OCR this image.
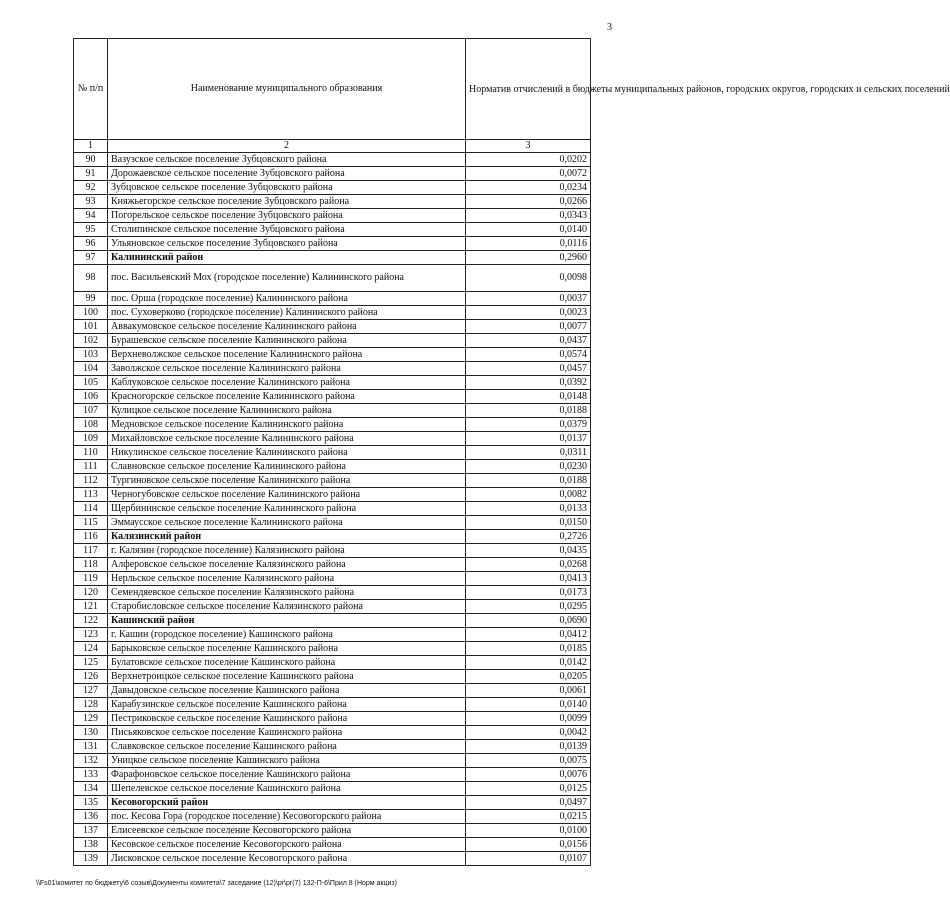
3
№ п/п	Наименование муниципального образования	Норматив отчислений в бюджеты муниципальных районов, городских округов, городских и сельских поселений
1	2	3
90	Вазузское сельское поселение Зубцовского района	0,0202
91	Дорожаевское сельское поселение Зубцовского района	0,0072
92	Зубцовское сельское поселение Зубцовского района	0,0234
93	Княжьегорское сельское поселение Зубцовского района	0,0266
94	Погорельское сельское поселение Зубцовского района	0,0343
95	Столипинское сельское поселение Зубцовского района	0,0140
96	Ульяновское сельское поселение Зубцовского района	0,0116
97	Калининский район	0,2960
98	пос. Васильевский Мох (городское поселение) Калининского района	0,0098
99	пос. Орша (городское поселение) Калининского района	0,0037
100	пос. Суховерково (городское поселение) Калининского района	0,0023
101	Аввакумовское сельское поселение Калининского района	0,0077
102	Бурашевское сельское поселение Калининского района	0,0437
103	Верхневолжское сельское поселение Калининского района	0,0574
104	Заволжское сельское поселение Калининского района	0,0457
105	Каблуковское сельское поселение Калининского района	0,0392
106	Красногорское сельское поселение Калининского района	0,0148
107	Кулицкое сельское поселение Калининского района	0,0188
108	Медновское сельское поселение Калининского района	0,0379
109	Михайловское сельское поселение Калининского района	0,0137
110	Никулинское сельское поселение Калининского района	0,0311
111	Славновское сельское поселение Калининского района	0,0230
112	Тургиновское сельское поселение Калининского района	0,0188
113	Черногубовское сельское поселение Калининского района	0,0082
114	Щербининское сельское поселение Калининского района	0,0133
115	Эммаусское сельское поселение Калининского района	0,0150
116	Калязинский район	0,2726
117	г. Калязин (городское поселение) Калязинского района	0,0435
118	Алферовское сельское поселение Калязинского района	0,0268
119	Нерльское сельское поселение Калязинского района	0,0413
120	Семендяевское сельское поселение Калязинского района	0,0173
121	Старобисловское сельское поселение Калязинского района	0,0295
122	Кашинский район	0,0690
123	г. Кашин (городское поселение) Кашинского района	0,0412
124	Барыковское сельское поселение Кашинского района	0,0185
125	Булатовское сельское поселение Кашинского района	0,0142
126	Верхнетроицкое сельское поселение Кашинского района	0,0205
127	Давыдовское сельское поселение Кашинского района	0,0061
128	Карабузинское сельское поселение Кашинского района	0,0140
129	Пестриковское сельское поселение Кашинского района	0,0099
130	Письяковское сельское поселение Кашинского района	0,0042
131	Славковское сельское поселение Кашинского района	0,0139
132	Уницкое сельское поселение Кашинского района	0,0075
133	Фарафоновское сельское поселение Кашинского района	0,0076
134	Шепелевское сельское поселение Кашинского района	0,0125
135	Кесовогорский район	0,0497
136	пос. Кесова Гора (городское поселение) Кесовогорского района	0,0215
137	Елисеевское сельское поселение Кесовогорского района	0,0100
138	Кесовское сельское поселение Кесовогорского района	0,0156
139	Лисковское сельское поселение Кесовогорского района	0,0107
\\Fs01\комитет по бюджету\6 созыв\Документы комитета\7 заседание (12)\pr\pr(7) 132-П-6\Прил 8 (Норм акциз)
